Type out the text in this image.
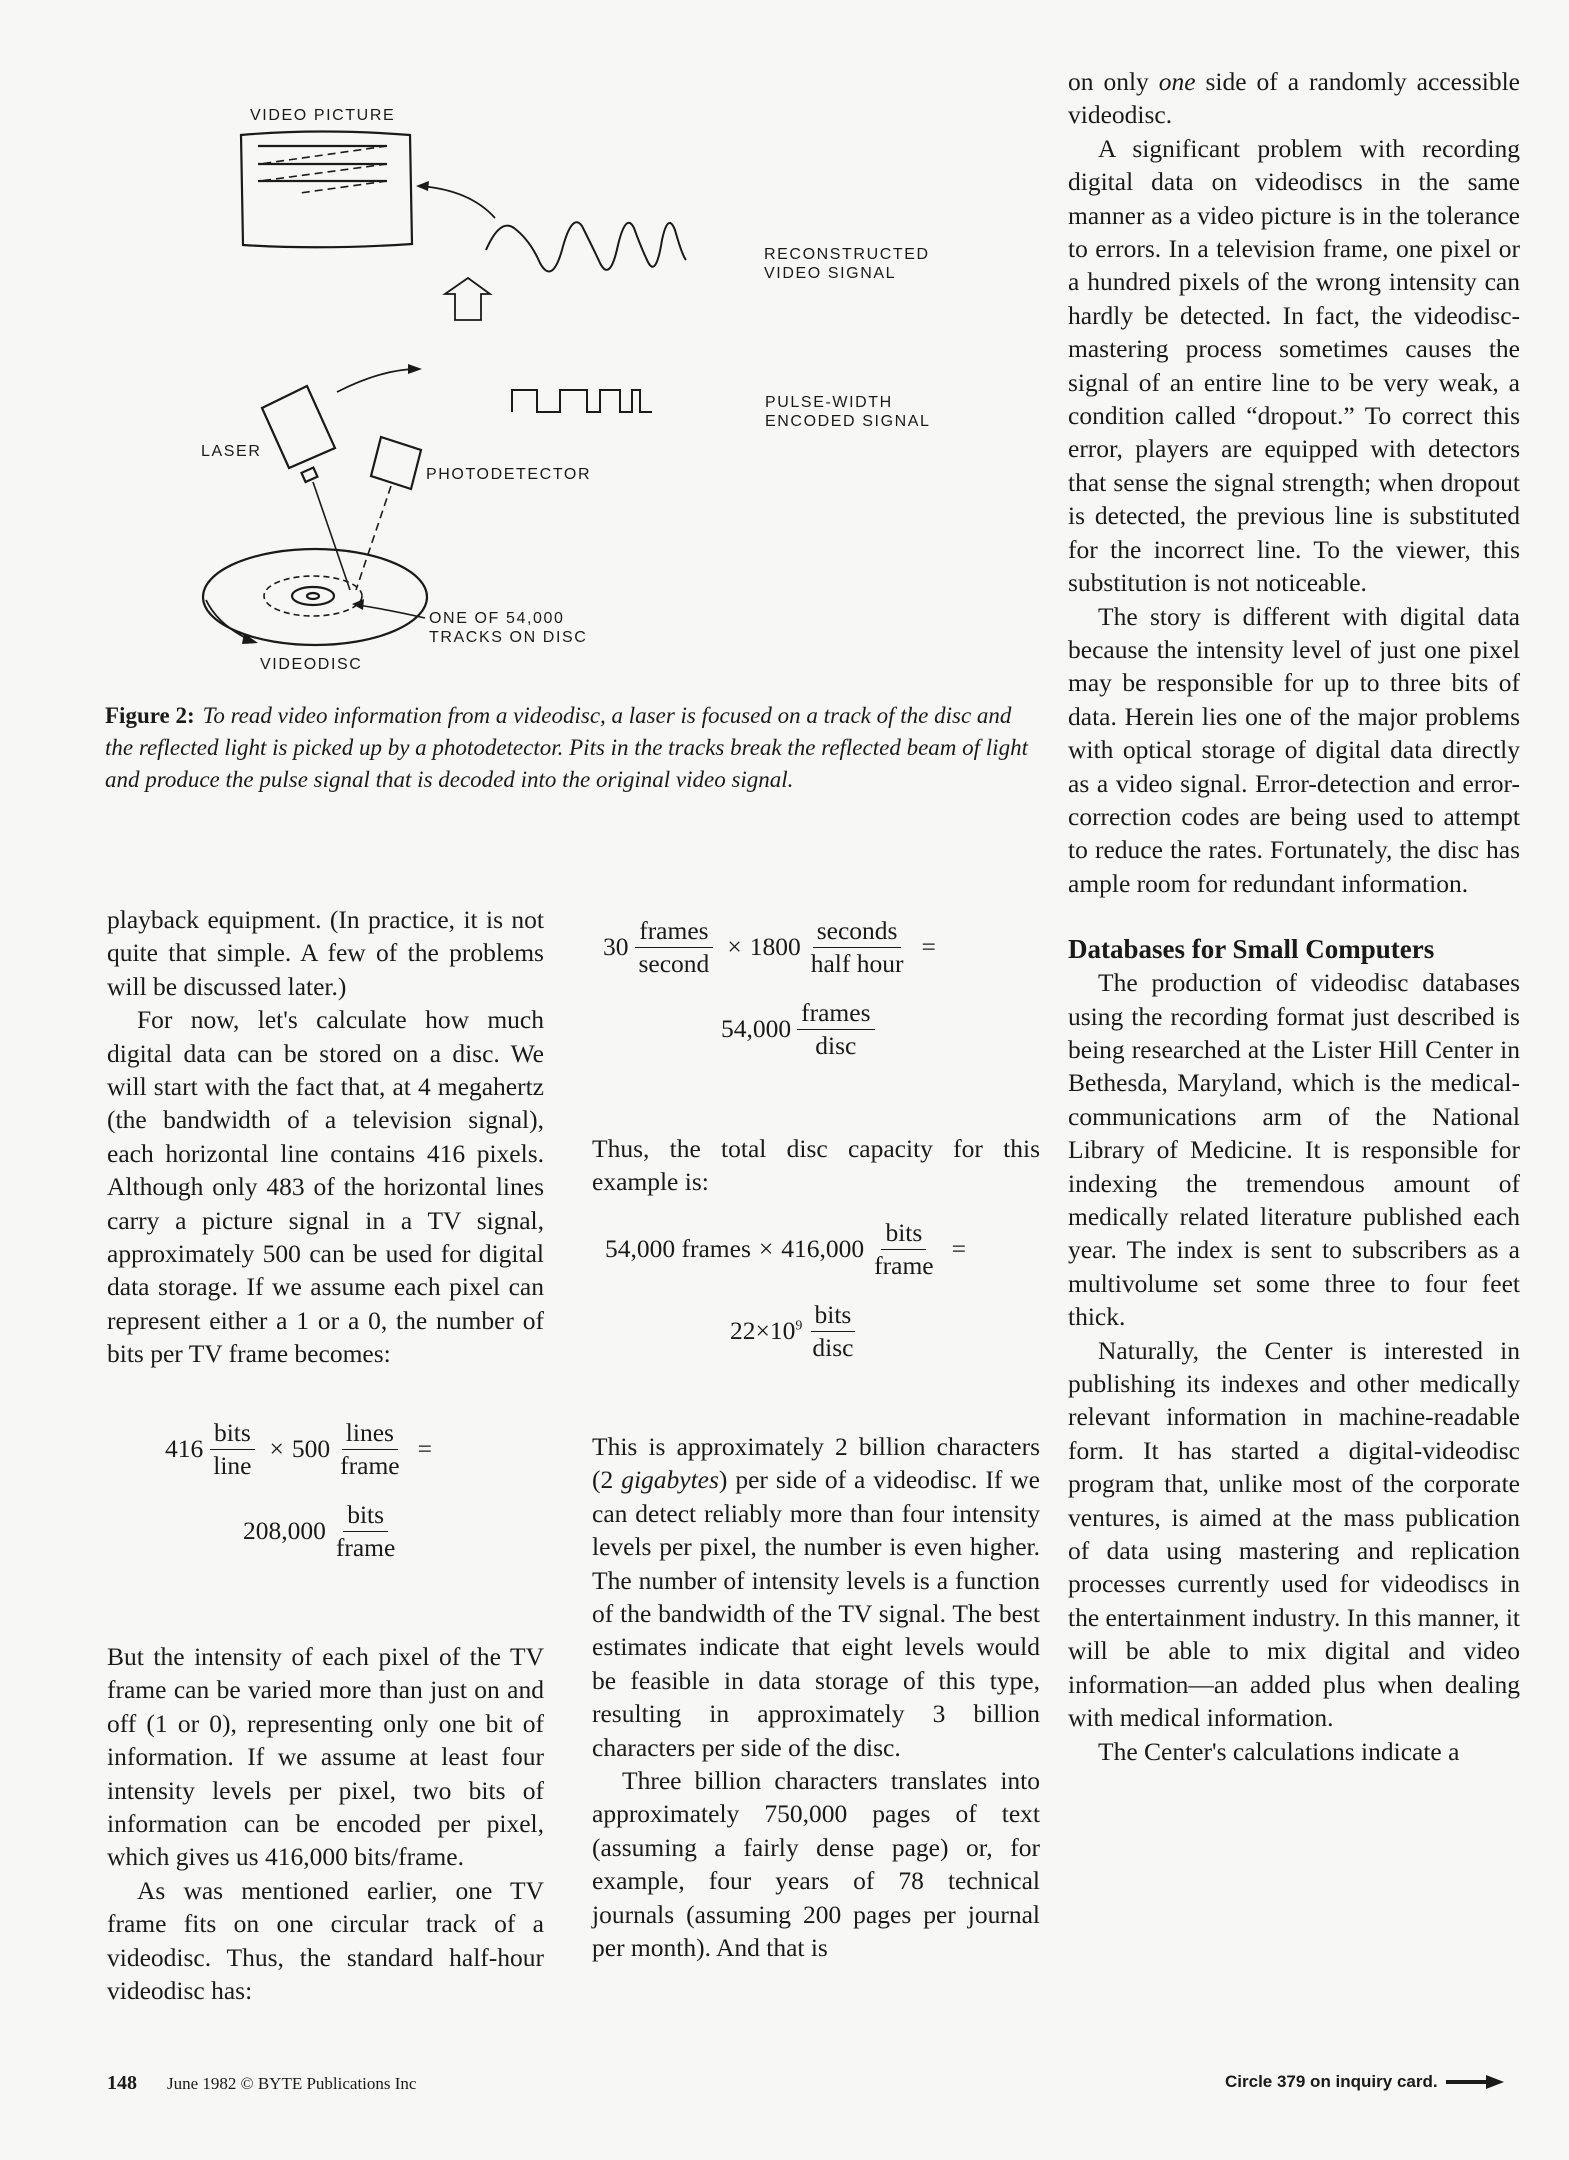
VIDEO PICTURE
RECONSTRUCTED
VIDEO SIGNAL
PULSE-WIDTH
ENCODED SIGNAL
LASER
PHOTODETECTOR
ONE OF 54,000
TRACKS ON DISC
VIDEODISC
Figure 2: To read video information from a videodisc, a laser is focused on a track of the disc and the reflected light is picked up by a photodetector. Pits in the tracks break the reflected beam of light and produce the pulse signal that is decoded into the original video signal.

playback equipment. (In practice, it is not quite that simple. A few of the problems will be discussed later.)

For now, let's calculate how much digital data can be stored on a disc. We will start with the fact that, at 4 megahertz (the bandwidth of a television signal), each horizontal line contains 416 pixels. Although only 483 of the horizontal lines carry a picture signal in a TV signal, approximately 500 can be used for digital data storage. If we assume each pixel can represent either a 1 or a 0, the number of bits per TV frame becomes:

$416 \frac{\text{bits}}{\text{line}} \times 500 \frac{\text{lines}}{\text{frame}}$ =
$208,000 \frac{\text{bits}}{\text{frame}}$

But the intensity of each pixel of the TV frame can be varied more than just on and off (1 or 0), representing only one bit of information. If we assume at least four intensity levels per pixel, two bits of information can be encoded per pixel, which gives us 416,000 bits/frame.

As was mentioned earlier, one TV frame fits on one circular track of a videodisc. Thus, the standard half-hour videodisc has:

$30 \frac{\text{frames}}{\text{second}} \times 1800 \frac{\text{seconds}}{\text{half hour}}$ =
$54,000 \frac{\text{frames}}{\text{disc}}$

Thus, the total disc capacity for this example is:

54,000 frames × $416,000 \frac{\text{bits}}{\text{frame}}$ =
$22\times 10^9 \frac{\text{bits}}{\text{disc}}$

This is approximately 2 billion characters (2 gigabytes) per side of a videodisc. If we can detect reliably more than four intensity levels per pixel, the number is even higher. The number of intensity levels is a function of the bandwidth of the TV signal. The best estimates indicate that eight levels would be feasible in data storage of this type, resulting in approximately 3 billion characters per side of the disc.

Three billion characters translates into approximately 750,000 pages of text (assuming a fairly dense page) or, for example, four years of 78 technical journals (assuming 200 pages per journal per month). And that is

on only one side of a randomly accessible videodisc.

A significant problem with recording digital data on videodiscs in the same manner as a video picture is in the tolerance to errors. In a television frame, one pixel or a hundred pixels of the wrong intensity can hardly be detected. In fact, the videodisc-mastering process sometimes causes the signal of an entire line to be very weak, a condition called “dropout.” To correct this error, players are equipped with detectors that sense the signal strength; when dropout is detected, the previous line is substituted for the incorrect line. To the viewer, this substitution is not noticeable.

The story is different with digital data because the intensity level of just one pixel may be responsible for up to three bits of data. Herein lies one of the major problems with optical storage of digital data directly as a video signal. Error-detection and error-correction codes are being used to attempt to reduce the rates. Fortunately, the disc has ample room for redundant information.

Databases for Small Computers

The production of videodisc databases using the recording format just described is being researched at the Lister Hill Center in Bethesda, Maryland, which is the medical-communications arm of the National Library of Medicine. It is responsible for indexing the tremendous amount of medically related literature published each year. The index is sent to subscribers as a multivolume set some three to four feet thick.

Naturally, the Center is interested in publishing its indexes and other medically relevant information in machine-readable form. It has started a digital-videodisc program that, unlike most of the corporate ventures, is aimed at the mass publication of data using mastering and replication processes currently used for videodiscs in the entertainment industry. In this manner, it will be able to mix digital and video information—an added plus when dealing with medical information.

The Center's calculations indicate a

148 June 1982 © BYTE Publications Inc	Circle 379 on inquiry card.
